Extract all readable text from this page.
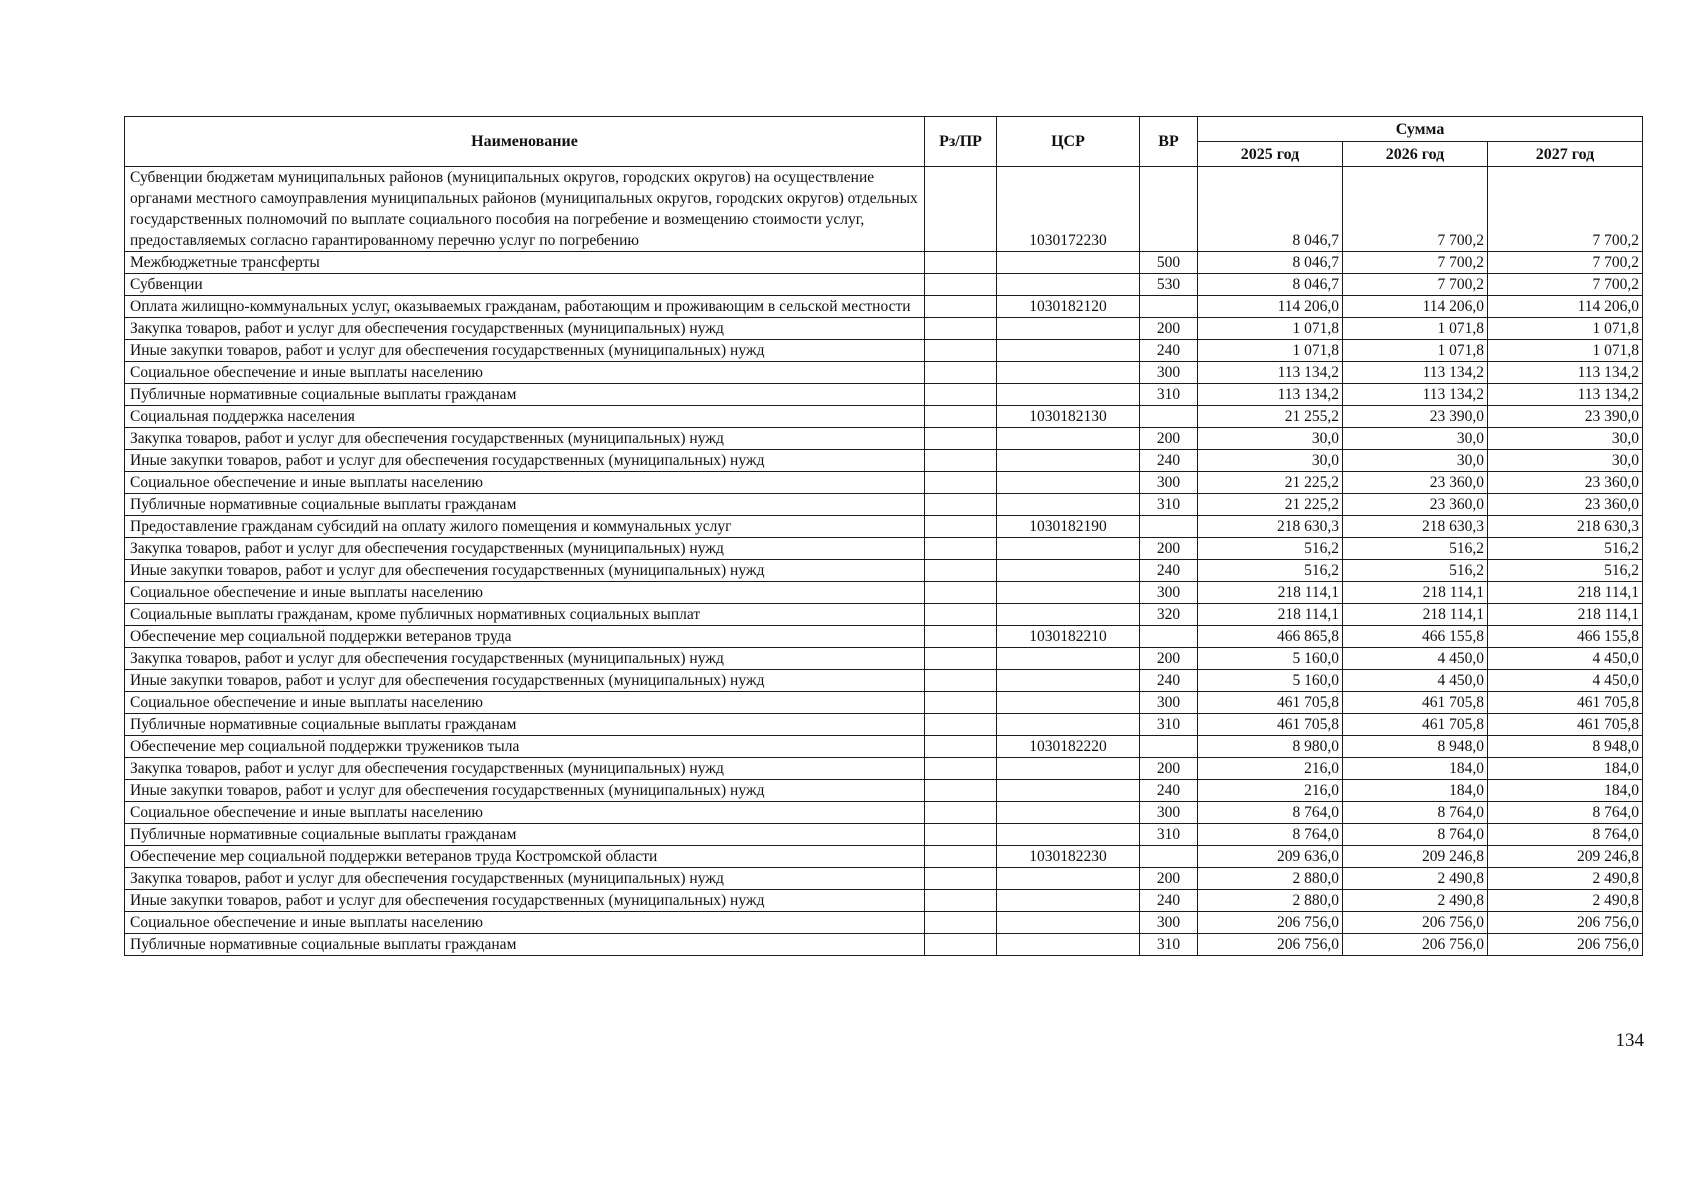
Наименование	Рз/ПР	ЦСР	ВР	Сумма		
				2025 год	2026 год	2027 год
Субвенции бюджетам муниципальных районов (муниципальных округов, городских округов) на осуществление органами местного самоуправления муниципальных районов (муниципальных округов, городских округов) отдельных государственных полномочий по выплате социального пособия на погребение и возмещению стоимости услуг, предоставляемых согласно гарантированному перечню услуг по погребению		1030172230		8 046,7	7 700,2	7 700,2
Межбюджетные трансферты			500	8 046,7	7 700,2	7 700,2
Субвенции			530	8 046,7	7 700,2	7 700,2
Оплата жилищно-коммунальных услуг, оказываемых гражданам, работающим и проживающим в сельской местности		1030182120		114 206,0	114 206,0	114 206,0
Закупка товаров, работ и услуг для обеспечения государственных (муниципальных) нужд			200	1 071,8	1 071,8	1 071,8
Иные закупки товаров, работ и услуг для обеспечения государственных (муниципальных) нужд			240	1 071,8	1 071,8	1 071,8
Социальное обеспечение и иные выплаты населению			300	113 134,2	113 134,2	113 134,2
Публичные нормативные социальные выплаты гражданам			310	113 134,2	113 134,2	113 134,2
Социальная поддержка населения		1030182130		21 255,2	23 390,0	23 390,0
Закупка товаров, работ и услуг для обеспечения государственных (муниципальных) нужд			200	30,0	30,0	30,0
Иные закупки товаров, работ и услуг для обеспечения государственных (муниципальных) нужд			240	30,0	30,0	30,0
Социальное обеспечение и иные выплаты населению			300	21 225,2	23 360,0	23 360,0
Публичные нормативные социальные выплаты гражданам			310	21 225,2	23 360,0	23 360,0
Предоставление гражданам субсидий на оплату жилого помещения и коммунальных услуг		1030182190		218 630,3	218 630,3	218 630,3
Закупка товаров, работ и услуг для обеспечения государственных (муниципальных) нужд			200	516,2	516,2	516,2
Иные закупки товаров, работ и услуг для обеспечения государственных (муниципальных) нужд			240	516,2	516,2	516,2
Социальное обеспечение и иные выплаты населению			300	218 114,1	218 114,1	218 114,1
Социальные выплаты гражданам, кроме публичных нормативных социальных выплат			320	218 114,1	218 114,1	218 114,1
Обеспечение мер социальной поддержки ветеранов труда		1030182210		466 865,8	466 155,8	466 155,8
Закупка товаров, работ и услуг для обеспечения государственных (муниципальных) нужд			200	5 160,0	4 450,0	4 450,0
Иные закупки товаров, работ и услуг для обеспечения государственных (муниципальных) нужд			240	5 160,0	4 450,0	4 450,0
Социальное обеспечение и иные выплаты населению			300	461 705,8	461 705,8	461 705,8
Публичные нормативные социальные выплаты гражданам			310	461 705,8	461 705,8	461 705,8
Обеспечение мер социальной поддержки тружеников тыла		1030182220		8 980,0	8 948,0	8 948,0
Закупка товаров, работ и услуг для обеспечения государственных (муниципальных) нужд			200	216,0	184,0	184,0
Иные закупки товаров, работ и услуг для обеспечения государственных (муниципальных) нужд			240	216,0	184,0	184,0
Социальное обеспечение и иные выплаты населению			300	8 764,0	8 764,0	8 764,0
Публичные нормативные социальные выплаты гражданам			310	8 764,0	8 764,0	8 764,0
Обеспечение мер социальной поддержки ветеранов труда Костромской области		1030182230		209 636,0	209 246,8	209 246,8
Закупка товаров, работ и услуг для обеспечения государственных (муниципальных) нужд			200	2 880,0	2 490,8	2 490,8
Иные закупки товаров, работ и услуг для обеспечения государственных (муниципальных) нужд			240	2 880,0	2 490,8	2 490,8
Социальное обеспечение и иные выплаты населению			300	206 756,0	206 756,0	206 756,0
Публичные нормативные социальные выплаты гражданам			310	206 756,0	206 756,0	206 756,0
134
